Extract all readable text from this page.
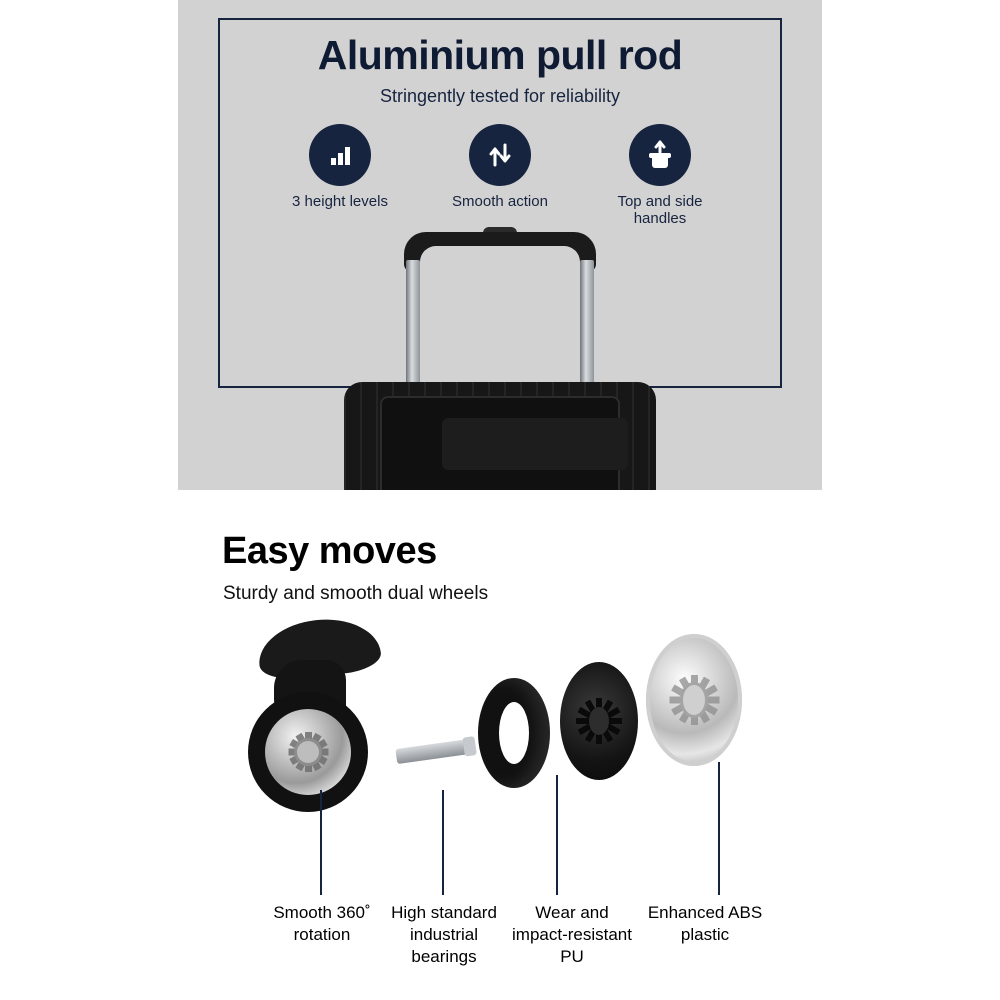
Aluminium pull rod
Stringently tested for reliability
3 height levels	Smooth action	Top and side handles
Easy moves
Sturdy and smooth dual wheels
Smooth 360˚ rotation
High standard industrial bearings
Wear and impact-resistant PU
Enhanced ABS plastic
